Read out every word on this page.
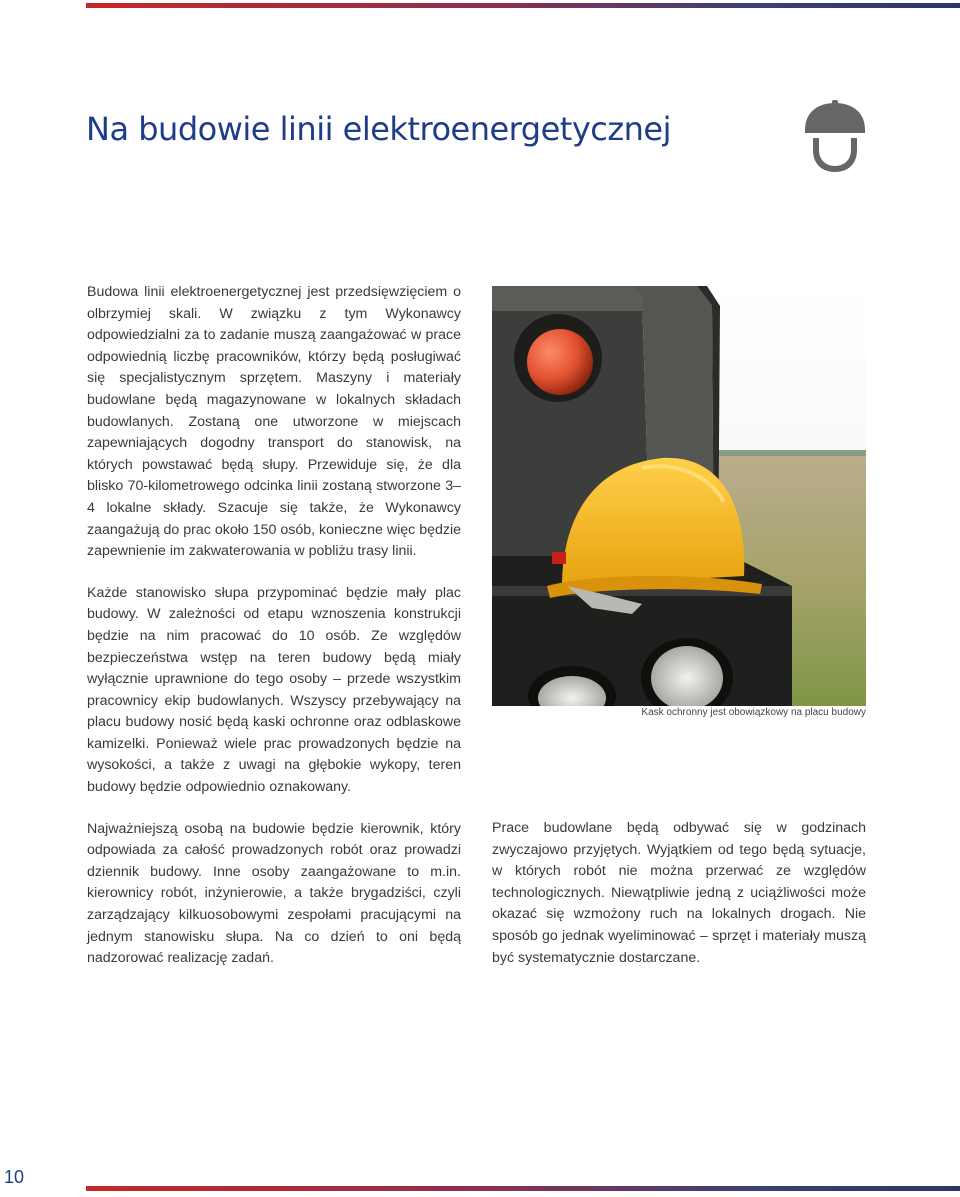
Na budowie linii elektroenergetycznej

Budowa linii elektroenergetycznej jest przedsięwzięciem o olbrzymiej skali. W związku z tym Wykonawcy odpowiedzialni za to zadanie muszą zaangażować w prace odpowiednią liczbę pracowników, którzy będą posługiwać się specjalistycznym sprzętem. Maszyny i materiały budowlane będą magazynowane w lokalnych składach budowlanych. Zostaną one utworzone w miejscach zapewniających dogodny transport do stanowisk, na których powstawać będą słupy. Przewiduje się, że dla blisko 70-kilometrowego odcinka linii zostaną stworzone 3–4 lokalne składy. Szacuje się także, że Wykonawcy zaangażują do prac około 150 osób, konieczne więc będzie zapewnienie im zakwaterowania w pobliżu trasy linii.

Każde stanowisko słupa przypominać będzie mały plac budowy. W zależności od etapu wznoszenia konstrukcji będzie na nim pracować do 10 osób. Ze względów bezpieczeństwa wstęp na teren budowy będą miały wyłącznie uprawnione do tego osoby – przede wszystkim pracownicy ekip budowlanych. Wszyscy przebywający na placu budowy nosić będą kaski ochronne oraz odblaskowe kamizelki. Ponieważ wiele prac prowadzonych będzie na wysokości, a także z uwagi na głębokie wykopy, teren budowy będzie odpowiednio oznakowany.

Najważniejszą osobą na budowie będzie kierownik, który odpowiada za całość prowadzonych robót oraz prowadzi dziennik budowy. Inne osoby zaangażowane to m.in. kierownicy robót, inżynierowie, a także brygadziści, czyli zarządzający kilkuosobowymi zespołami pracującymi na jednym stanowisku słupa. Na co dzień to oni będą nadzorować realizację zadań.

Kask ochronny jest obowiązkowy na placu budowy

Prace budowlane będą odbywać się w godzinach zwyczajowo przyjętych. Wyjątkiem od tego będą sytuacje, w których robót nie można przerwać ze względów technologicznych. Niewątpliwie jedną z uciążliwości może okazać się wzmożony ruch na lokalnych drogach. Nie sposób go jednak wyeliminować – sprzęt i materiały muszą być systematycznie dostarczane.

10
